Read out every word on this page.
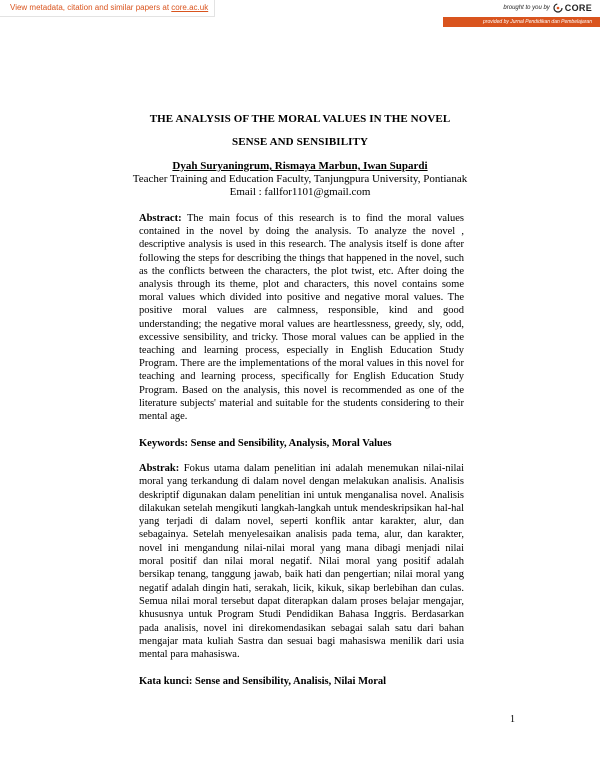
View metadata, citation and similar papers at core.ac.uk	brought to you by CORE
provided by Jurnal Pendidikan dan Pembelajaran
THE ANALYSIS OF THE MORAL VALUES IN THE NOVEL
SENSE AND SENSIBILITY
Dyah Suryaningrum, Rismaya Marbun, Iwan Supardi
Teacher Training and Education Faculty, Tanjungpura University, Pontianak
Email : fallfor1101@gmail.com
Abstract: The main focus of this research is to find the moral values contained in the novel by doing the analysis. To analyze the novel , descriptive analysis is used in this research. The analysis itself is done after following the steps for describing the things that happened in the novel, such as the conflicts between the characters, the plot twist, etc. After doing the analysis through its theme, plot and characters, this novel contains some moral values which divided into positive and negative moral values. The positive moral values are calmness, responsible, kind and good understanding; the negative moral values are heartlessness, greedy, sly, odd, excessive sensibility, and tricky. Those moral values can be applied in the teaching and learning process, especially in English Education Study Program. There are the implementations of the moral values in this novel for teaching and learning process, specifically for English Education Study Program. Based on the analysis, this novel is recommended as one of the literature subjects' material and suitable for the students considering to their mental age.
Keywords: Sense and Sensibility, Analysis, Moral Values
Abstrak: Fokus utama dalam penelitian ini adalah menemukan nilai-nilai moral yang terkandung di dalam novel dengan melakukan analisis. Analisis deskriptif digunakan dalam penelitian ini untuk menganalisa novel. Analisis dilakukan setelah mengikuti langkah-langkah untuk mendeskripsikan hal-hal yang terjadi di dalam novel, seperti konflik antar karakter, alur, dan sebagainya. Setelah menyelesaikan analisis pada tema, alur, dan karakter, novel ini mengandung nilai-nilai moral yang mana dibagi menjadi nilai moral positif dan nilai moral negatif. Nilai moral yang positif adalah bersikap tenang, tanggung jawab, baik hati dan pengertian; nilai moral yang negatif adalah dingin hati, serakah, licik, kikuk, sikap berlebihan dan culas. Semua nilai moral tersebut dapat diterapkan dalam proses belajar mengajar, khususnya untuk Program Studi Pendidikan Bahasa Inggris. Berdasarkan pada analisis, novel ini direkomendasikan sebagai salah satu dari bahan mengajar mata kuliah Sastra dan sesuai bagi mahasiswa menilik dari usia mental para mahasiswa.
Kata kunci: Sense and Sensibility, Analisis, Nilai Moral
1
